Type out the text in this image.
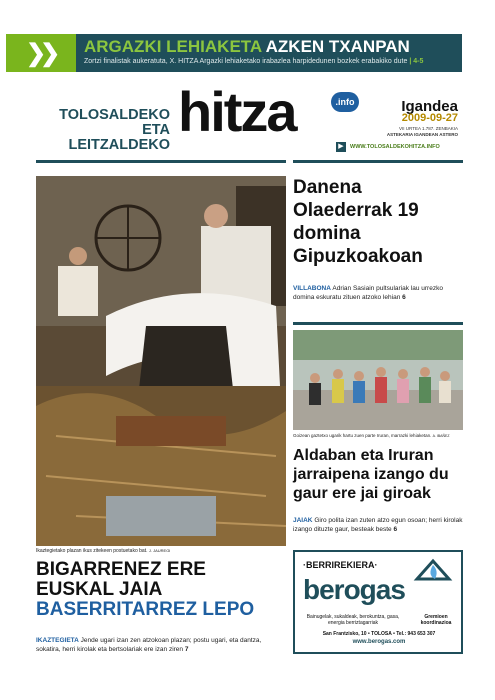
❯❯ ARGAZKI LEHIAKETA AZKEN TXANPAN
Zortzi finalistak aukeratuta, X. HITZA Argazki lehiaketako irabazlea harpidedunen bozkek erabakiko dute | 4-5
TOLOSALDEKO
ETA LEITZALDEKO
hitza	.info	Igandea
2009-09-27
VII URTEA 1.787. ZENBAKIA
ASTEKARIA IGANDEAN ASTERO
▶	WWW.TOLOSALDEKOHITZA.INFO
Ikaztegietako plazan ikus zitekeen postuetako bat. J. JAUREGI
Danena Olaederrak 19 domina Gipuzkoakoan
VILLABONA Adrian Sasiain pultsulariak lau urrezko domina eskuratu zituen atzoko lehian 6
Goizean gaztetxo ugarik hartu zuen parte Iruran, marrazki lehiaketan. A. IBAÑEZ
Aldaban eta Iruran jarraipena izango du gaur ere jai giroak
JAIAK Giro polita izan zuten atzo egun osoan; herri kirolak izango dituzte gaur, besteak beste 6
BIGARRENEZ ERE EUSKAL JAIA
BASERRITARREZ LEPO
IKAZTEGIETA Jende ugari izan zen atzokoan plazan; postu ugari, eta dantza, sokatira, herri kirolak eta bertsolariak ere izan ziren 7
·BERRIREKIERA·
berogas
Bainugelak, sukaldeak, berokuntza, gasa, energia berriztagarriak
Gremioen koordinazioa
San Frantzisko, 10 • TOLOSA • Tel.: 943 653 307
www.berogas.com
